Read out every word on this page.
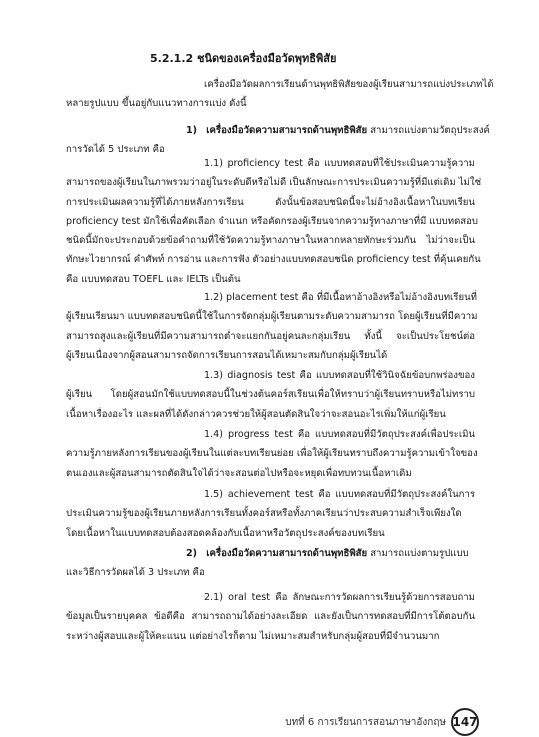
5.2.1.2 ชนิดของเครื่องมือวัดพุทธิพิสัย
เครื่องมือวัดผลการเรียนด้านพุทธิพิสัยของผู้เรียนสามารถแบ่งประเภทได้
หลายรูปแบบ ขึ้นอยู่กับแนวทางการแบ่ง ดังนี้
1) เครื่องมือวัดความสามารถด้านพุทธิพิสัย สามารถแบ่งตามวัตถุประสงค์
การวัดได้ 5 ประเภท คือ
1.1) proficiency test คือ แบบทดสอบที่ใช้ประเมินความรู้ความ
สามารถของผู้เรียนในภาพรวมว่าอยู่ในระดับดีหรือไม่ดี เป็นลักษณะการประเมินความรู้ที่มีแต่เดิม ไม่ใช่
การประเมินผลความรู้ที่ได้ภายหลังการเรียน ดังนั้นข้อสอบชนิดนี้จะไม่อ้างอิงเนื้อหาในบทเรียน
proficiency test มักใช้เพื่อคัดเลือก จำแนก หรือคัดกรองผู้เรียนจากความรู้ทางภาษาที่มี แบบทดสอบ
ชนิดนี้มักจะประกอบด้วยข้อคำถามที่ใช้วัดความรู้ทางภาษาในหลากหลายทักษะร่วมกัน ไม่ว่าจะเป็น
ทักษะไวยากรณ์ คำศัพท์ การอ่าน และการฟัง ตัวอย่างแบบทดสอบชนิด proficiency test ที่คุ้นเคยกัน
คือ แบบทดสอบ TOEFL และ IELTs เป็นต้น
1.2) placement test คือ ที่มีเนื้อหาอ้างอิงหรือไม่อ้างอิงบทเรียนที่
ผู้เรียนเรียนมา แบบทดสอบชนิดนี้ใช้ในการจัดกลุ่มผู้เรียนตามระดับความสามารถ โดยผู้เรียนที่มีความ
สามารถสูงและผู้เรียนที่มีความสามารถต่ำจะแยกกันอยู่คนละกลุ่มเรียน ทั้งนี้ จะเป็นประโยชน์ต่อ
ผู้เรียนเนื่องจากผู้สอนสามารถจัดการเรียนการสอนได้เหมาะสมกับกลุ่มผู้เรียนได้
1.3) diagnosis test คือ แบบทดสอบที่ใช้วินิจฉัยข้อบกพร่องของ
ผู้เรียน โดยผู้สอนมักใช้แบบทดสอบนี้ในช่วงต้นคอร์สเรียนเพื่อให้ทราบว่าผู้เรียนทราบหรือไม่ทราบ
เนื้อหาเรื่องอะไร และผลที่ได้ดังกล่าวควรช่วยให้ผู้สอนตัดสินใจว่าจะสอนอะไรเพิ่มให้แก่ผู้เรียน
1.4) progress test คือ แบบทดสอบที่มีวัตถุประสงค์เพื่อประเมิน
ความรู้ภายหลังการเรียนของผู้เรียนในแต่ละบทเรียนย่อย เพื่อให้ผู้เรียนทราบถึงความรู้ความเข้าใจของ
ตนเองและผู้สอนสามารถตัดสินใจได้ว่าจะสอนต่อไปหรือจะหยุดเพื่อทบทวนเนื้อหาเดิม
1.5) achievement test คือ แบบทดสอบที่มีวัตถุประสงค์ในการ
ประเมินความรู้ของผู้เรียนภายหลังการเรียนทั้งคอร์สหรือทั้งภาคเรียนว่าประสบความสำเร็จเพียงใด
โดยเนื้อหาในแบบทดสอบต้องสอดคล้องกับเนื้อหาหรือวัตถุประสงค์ของบทเรียน
2) เครื่องมือวัดความสามารถด้านพุทธิพิสัย สามารถแบ่งตามรูปแบบ
และวิธีการวัดผลได้ 3 ประเภท คือ
2.1) oral test คือ ลักษณะการวัดผลการเรียนรู้ด้วยการสอบถาม
ข้อมูลเป็นรายบุคคล ข้อดีคือ สามารถถามได้อย่างละเอียด และยังเป็นการทดสอบที่มีการโต้ตอบกัน
ระหว่างผู้สอบและผู้ให้คะแนน แต่อย่างไรก็ตาม ไม่เหมาะสมสำหรับกลุ่มผู้สอบที่มีจำนวนมาก
บทที่ 6 การเรียนการสอนภาษาอังกฤษ 147
